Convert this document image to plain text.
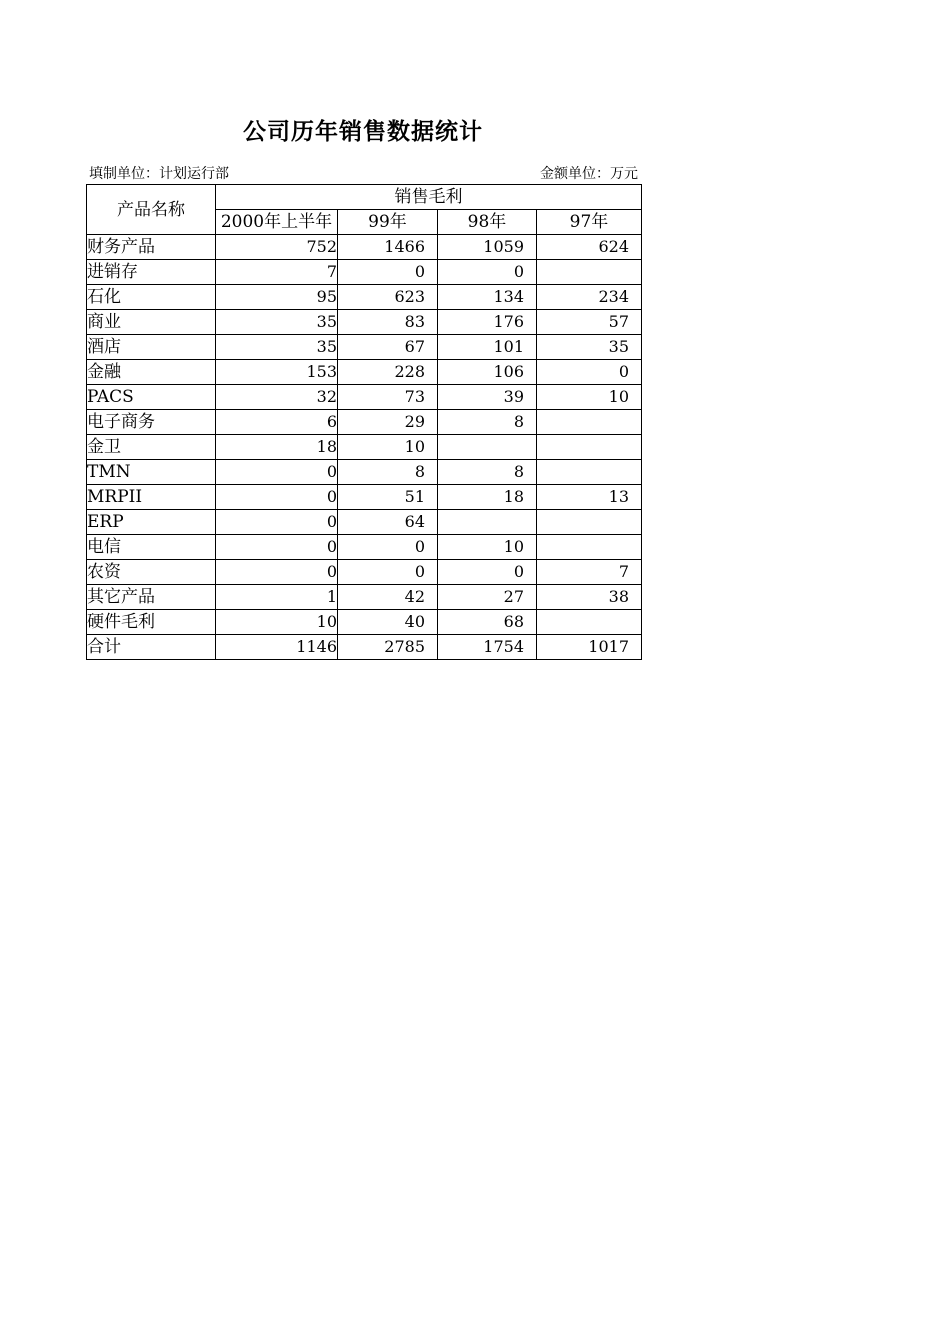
公司历年销售数据统计
填制单位：计划运行部	金额单位：万元
产品名称	销售毛利			
	2000年上半年	99年	98年	97年
财务产品	752	1466	1059	624
进销存	7	0	0	
石化	95	623	134	234
商业	35	83	176	57
酒店	35	67	101	35
金融	153	228	106	0
PACS	32	73	39	10
电子商务	6	29	8	
金卫	18	10		
TMN	0	8	8	
MRPII	0	51	18	13
ERP	0	64		
电信	0	0	10	
农资	0	0	0	7
其它产品	1	42	27	38
硬件毛利	10	40	68	
合计	1146	2785	1754	1017
